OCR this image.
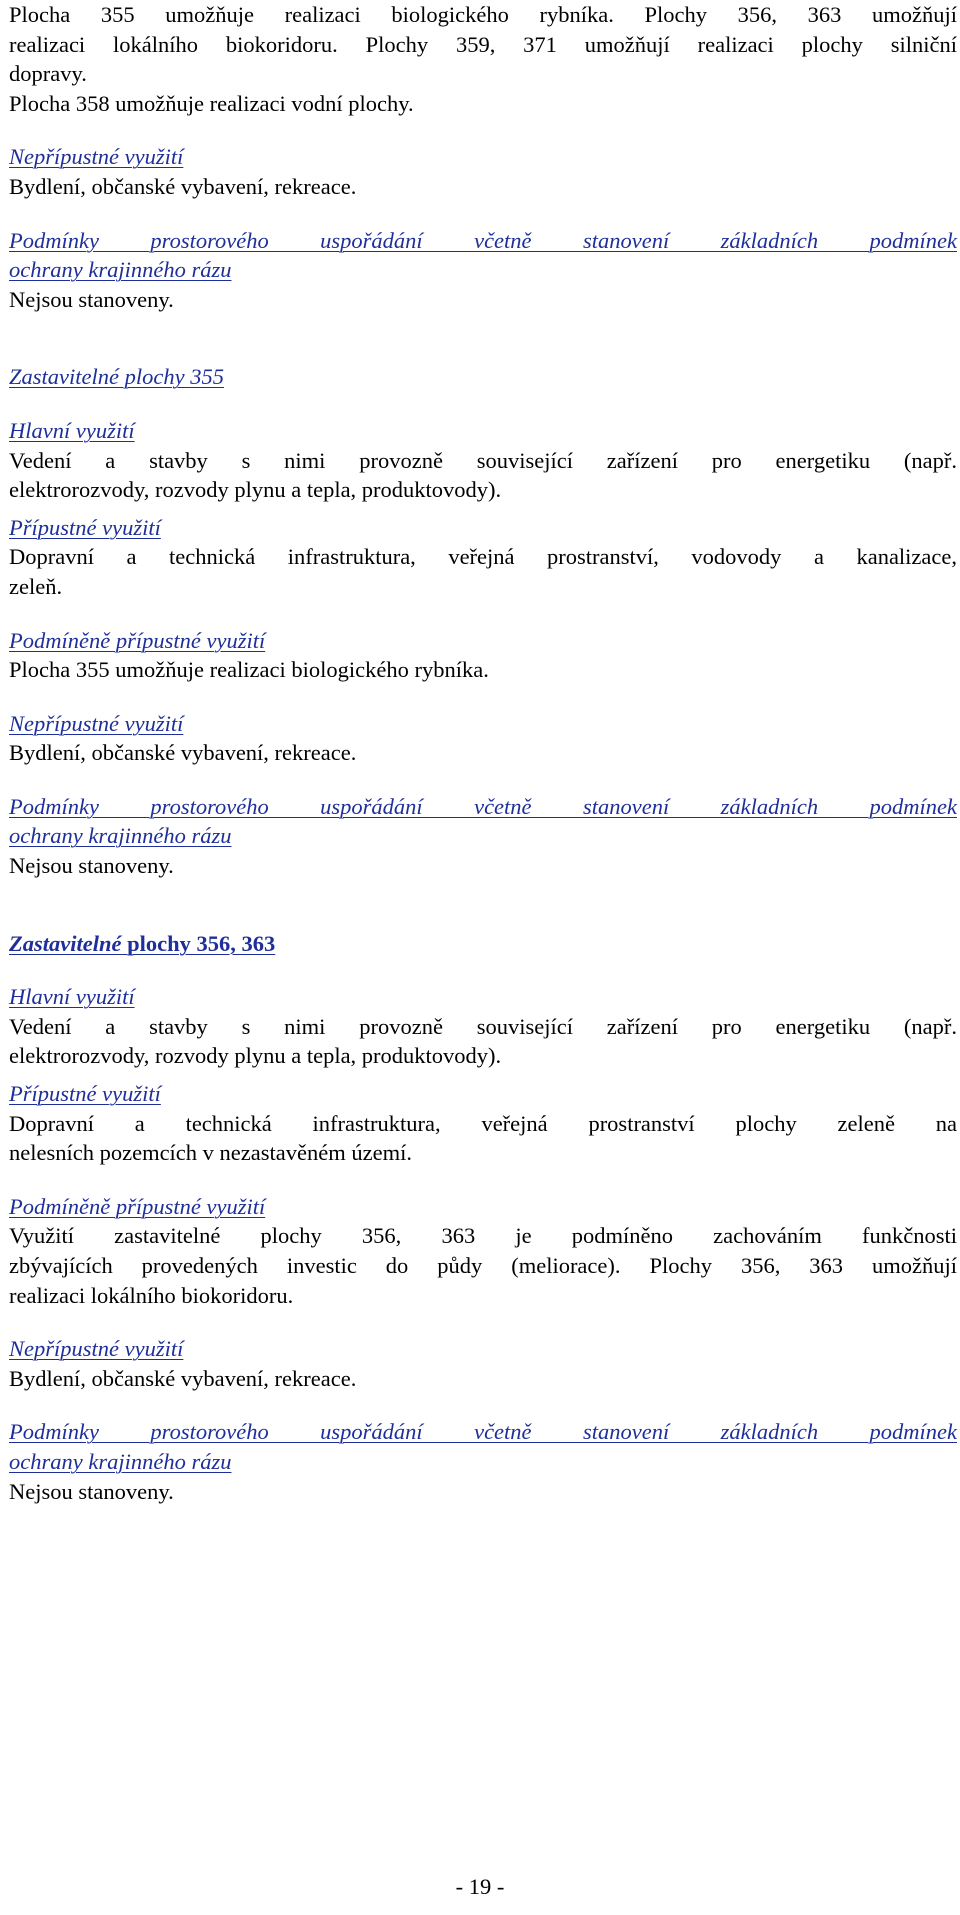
Plocha 355 umožňuje realizaci biologického rybníka. Plochy 356, 363 umožňují

realizaci lokálního biokoridoru. Plochy 359, 371 umožňují realizaci plochy silniční

dopravy.

Plocha 358 umožňuje realizaci vodní plochy.

Nepřípustné využití

Bydlení, občanské vybavení, rekreace.

Podmínky prostorového uspořádání včetně stanovení základních podmínek

ochrany krajinného rázu

Nejsou stanoveny.

Zastavitelné plochy 355

Hlavní využití

Vedení a stavby s nimi provozně související zařízení pro energetiku (např.

elektrorozvody, rozvody plynu a tepla, produktovody).

Přípustné využití

Dopravní a technická infrastruktura, veřejná prostranství, vodovody a kanalizace,

zeleň.

Podmíněně přípustné využití

Plocha 355 umožňuje realizaci biologického rybníka.

Nepřípustné využití

Bydlení, občanské vybavení, rekreace.

Podmínky prostorového uspořádání včetně stanovení základních podmínek

ochrany krajinného rázu

Nejsou stanoveny.

Zastavitelné plochy 356, 363

Hlavní využití

Vedení a stavby s nimi provozně související zařízení pro energetiku (např.

elektrorozvody, rozvody plynu a tepla, produktovody).

Přípustné využití

Dopravní a technická infrastruktura, veřejná prostranství plochy zeleně na

nelesních pozemcích v nezastavěném území.

Podmíněně přípustné využití

Využití zastavitelné plochy 356, 363 je podmíněno zachováním funkčnosti

zbývajících provedených investic do půdy (meliorace). Plochy 356, 363 umožňují

realizaci lokálního biokoridoru.

Nepřípustné využití

Bydlení, občanské vybavení, rekreace.

Podmínky prostorového uspořádání včetně stanovení základních podmínek

ochrany krajinného rázu

Nejsou stanoveny.

- 19 -
